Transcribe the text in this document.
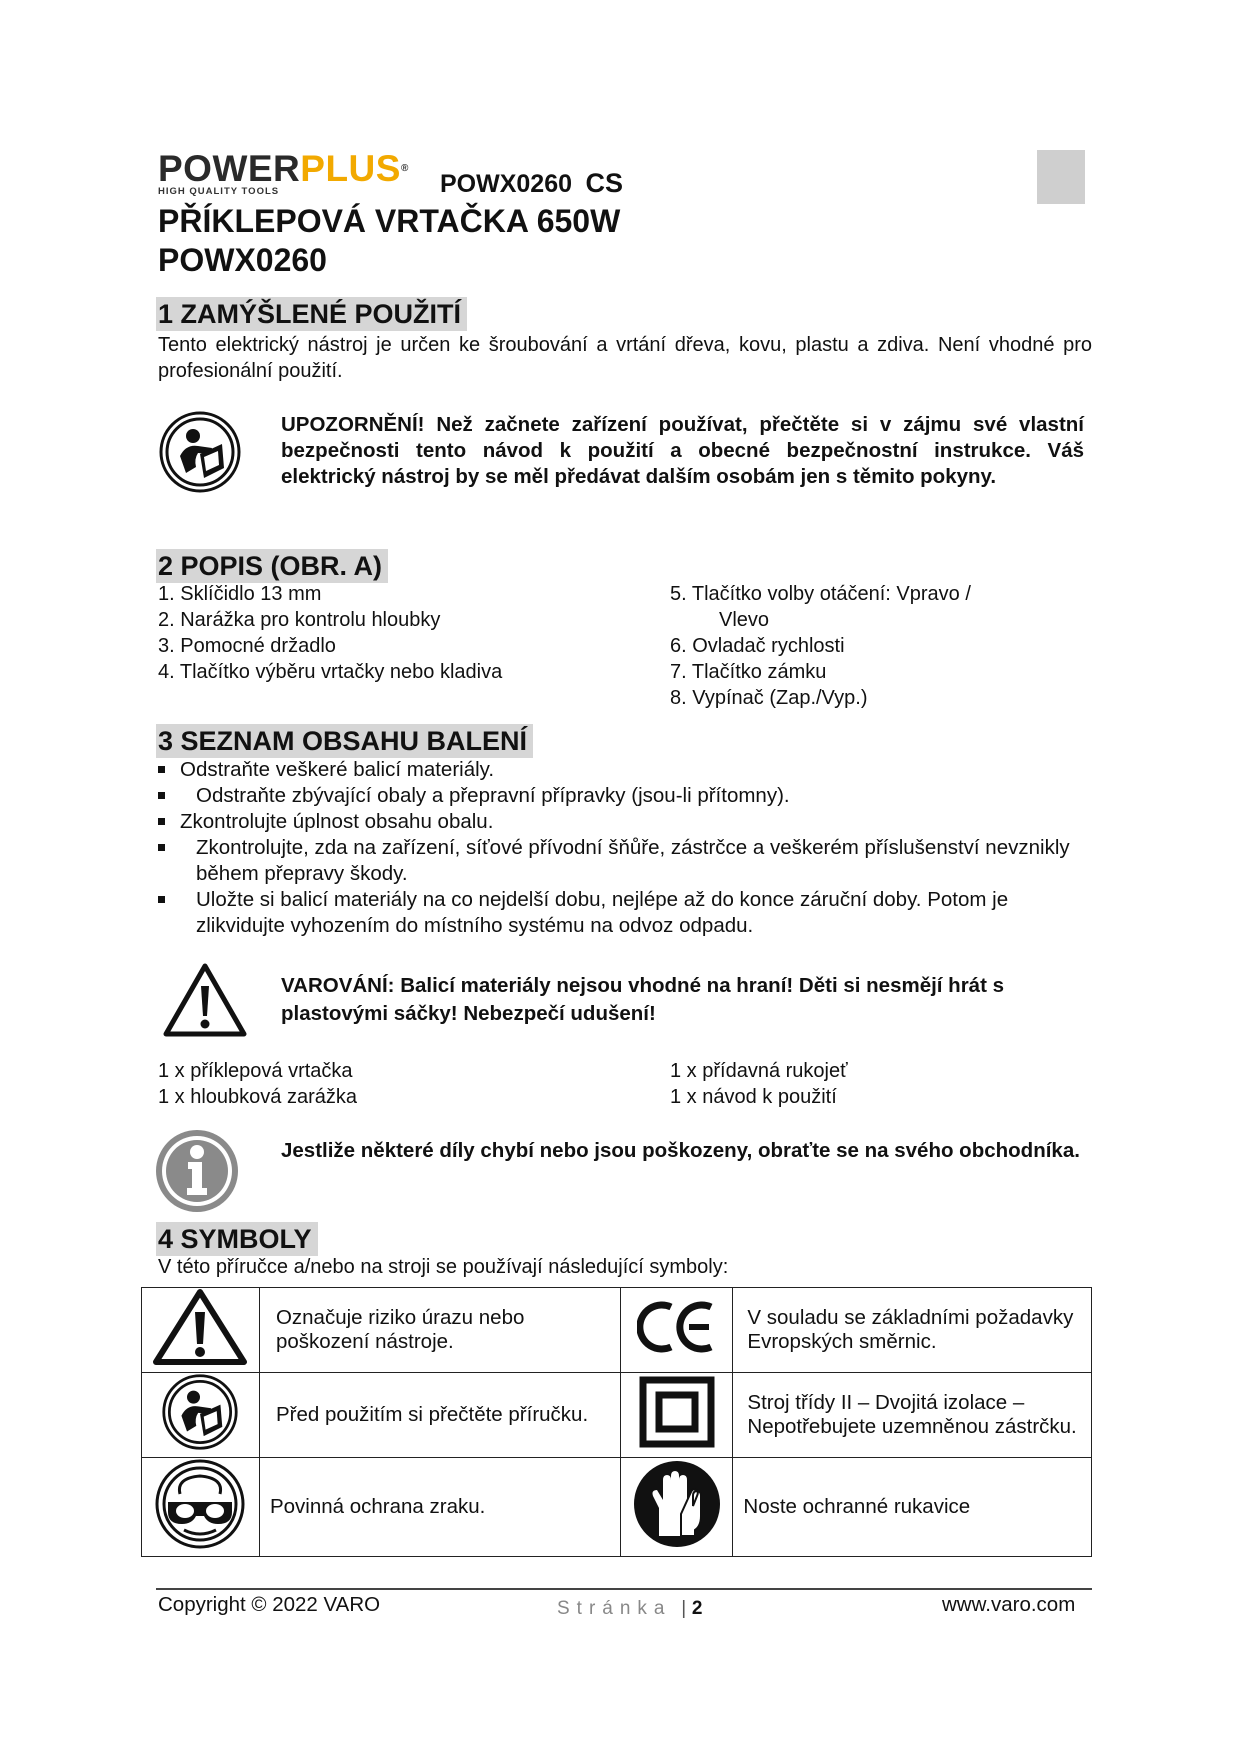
POWERPLUS®
HIGH QUALITY TOOLS	POWX0260 CS
PŘÍKLEPOVÁ VRTAČKA 650W
POWX0260
1 ZAMÝŠLENÉ POUŽITÍ
Tento elektrický nástroj je určen ke šroubování a vrtání dřeva, kovu, plastu a zdiva. Není vhodné pro profesionální použití.
UPOZORNĚNÍ! Než začnete zařízení používat, přečtěte si v zájmu své vlastní bezpečnosti tento návod k použití a obecné bezpečnostní instrukce. Váš elektrický nástroj by se měl předávat dalším osobám jen s těmito pokyny.
2 POPIS (OBR. A)
1. Sklíčidlo 13 mm
2. Narážka pro kontrolu hloubky
3. Pomocné držadlo
4. Tlačítko výběru vrtačky nebo kladiva
5. Tlačítko volby otáčení: Vpravo /
Vlevo
6. Ovladač rychlosti
7. Tlačítko zámku
8. Vypínač (Zap./Vyp.)
3 SEZNAM OBSAHU BALENÍ
Odstraňte veškeré balicí materiály.
Odstraňte zbývající obaly a přepravní přípravky (jsou-li přítomny).
Zkontrolujte úplnost obsahu obalu.
Zkontrolujte, zda na zařízení, síťové přívodní šňůře, zástrčce a veškerém příslušenství nevznikly během přepravy škody.
Uložte si balicí materiály na co nejdelší dobu, nejlépe až do konce záruční doby. Potom je zlikvidujte vyhozením do místního systému na odvoz odpadu.
VAROVÁNÍ: Balicí materiály nejsou vhodné na hraní! Děti si nesmějí hrát s plastovými sáčky! Nebezpečí udušení!
1 x příklepová vrtačka
1 x hloubková zarážka
1 x přídavná rukojeť
1 x návod k použití
Jestliže některé díly chybí nebo jsou poškozeny, obraťte se na svého obchodníka.
4 SYMBOLY
V této příručce a/nebo na stroji se používají následující symboly:
	Označuje riziko úrazu nebo poškození nástroje.		V souladu se základními požadavky Evropských směrnic.
	Před použitím si přečtěte příručku.		Stroj třídy II – Dvojitá izolace – Nepotřebujete uzemněnou zástrčku.
	Povinná ochrana zraku.		Noste ochranné rukavice
Copyright © 2022 VARO	Stránka | 2	www.varo.com
